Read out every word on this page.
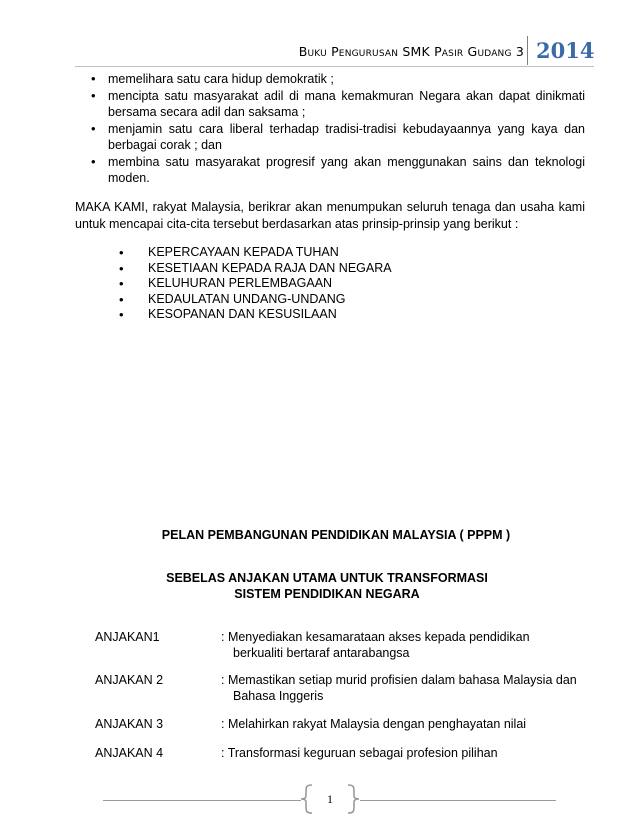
Buku Pengurusan SMK Pasir Gudang 3 2014
• memelihara satu cara hidup demokratik ;
• mencipta satu masyarakat adil di mana kemakmuran Negara akan dapat dinikmati bersama secara adil dan saksama ;
• menjamin satu cara liberal terhadap tradisi-tradisi kebudayaannya yang kaya dan berbagai corak ; dan
• membina satu masyarakat progresif yang akan menggunakan sains dan teknologi moden.

MAKA KAMI, rakyat Malaysia, berikrar akan menumpukan seluruh tenaga dan usaha kami untuk mencapai cita-cita tersebut berdasarkan atas prinsip-prinsip yang berikut :

• KEPERCAYAAN KEPADA TUHAN
• KESETIAAN KEPADA RAJA DAN NEGARA
• KELUHURAN PERLEMBAGAAN
• KEDAULATAN UNDANG-UNDANG
• KESOPANAN DAN KESUSILAAN

PELAN PEMBANGUNAN PENDIDIKAN MALAYSIA ( PPPM )

SEBELAS ANJAKAN UTAMA UNTUK TRANSFORMASI
SISTEM PENDIDIKAN NEGARA
ANJAKAN1	: Menyediakan kesamarataan akses kepada pendidikan
berkualiti bertaraf antarabangsa
ANJAKAN 2	: Memastikan setiap murid profisien dalam bahasa Malaysia dan
Bahasa Inggeris
ANJAKAN 3	: Melahirkan rakyat Malaysia dengan penghayatan nilai
ANJAKAN 4	: Transformasi keguruan sebagai profesion pilihan
1
